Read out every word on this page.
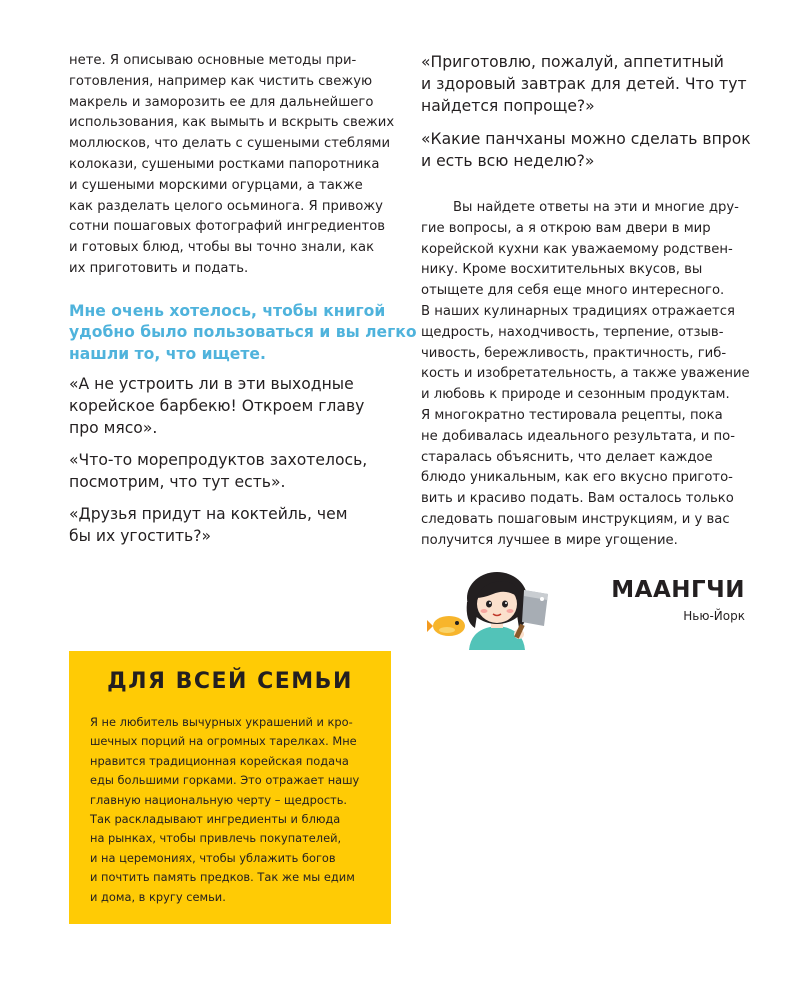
нете. Я описываю основные методы при-
готовления, например как чистить свежую
макрель и заморозить ее для дальнейшего
использования, как вымыть и вскрыть свежих
моллюсков, что делать с сушеными стеблями
колокази, сушеными ростками папоротника
и сушеными морскими огурцами, а также
как разделать целого осьминога. Я привожу
сотни пошаговых фотографий ингредиентов
и готовых блюд, чтобы вы точно знали, как
их приготовить и подать.

Мне очень хотелось, чтобы книгой
удобно было пользоваться и вы легко
нашли то, что ищете.

«А не устроить ли в эти выходные
корейское барбекю! Откроем главу
про мясо».

«Что-то морепродуктов захотелось,
посмотрим, что тут есть».

«Друзья придут на коктейль, чем
бы их угостить?»

«Приготовлю, пожалуй, аппетитный
и здоровый завтрак для детей. Что тут
найдется попроще?»

«Какие панчханы можно сделать впрок
и есть всю неделю?»

Вы найдете ответы на эти и многие дру-
гие вопросы, а я открою вам двери в мир
корейской кухни как уважаемому родствен-
нику. Кроме восхитительных вкусов, вы
отыщете для себя еще много интересного.
В наших кулинарных традициях отражается
щедрость, находчивость, терпение, отзыв-
чивость, бережливость, практичность, гиб-
кость и изобретательность, а также уважение
и любовь к природе и сезонным продуктам.
Я многократно тестировала рецепты, пока
не добивалась идеального результата, и по-
старалась объяснить, что делает каждое
блюдо уникальным, как его вкусно пригото-
вить и красиво подать. Вам осталось только
следовать пошаговым инструкциям, и у вас
получится лучшее в мире угощение.

МААНГЧИ
Нью-Йорк
ДЛЯ ВСЕЙ СЕМЬИ

Я не любитель вычурных украшений и кро-
шечных порций на огромных тарелках. Мне
нравится традиционная корейская подача
еды большими горками. Это отражает нашу
главную национальную черту – щедрость.
Так раскладывают ингредиенты и блюда
на рынках, чтобы привлечь покупателей,
и на церемониях, чтобы ублажить богов
и почтить память предков. Так же мы едим
и дома, в кругу семьи.
